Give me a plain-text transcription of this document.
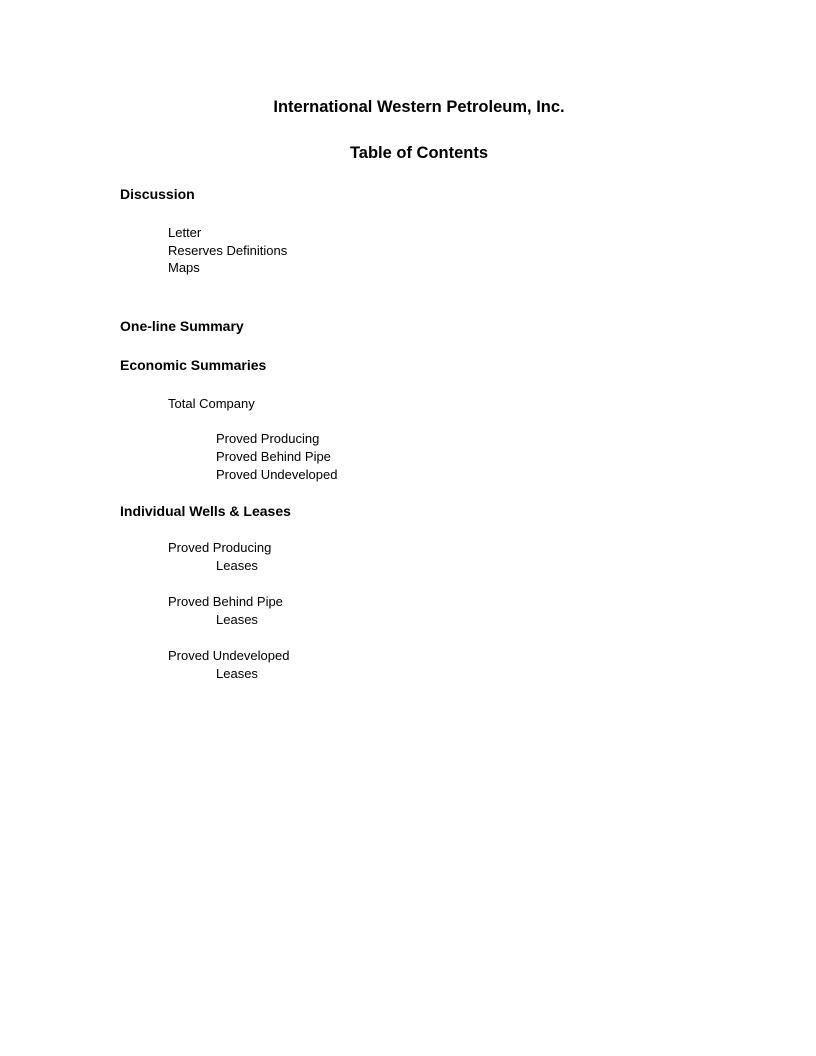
International Western Petroleum, Inc.
Table of Contents
Discussion
Letter
Reserves Definitions
Maps
One-line Summary
Economic Summaries
Total Company
Proved Producing
Proved Behind Pipe
Proved Undeveloped
Individual Wells & Leases
Proved Producing
Leases
Proved Behind Pipe
Leases
Proved Undeveloped
Leases
